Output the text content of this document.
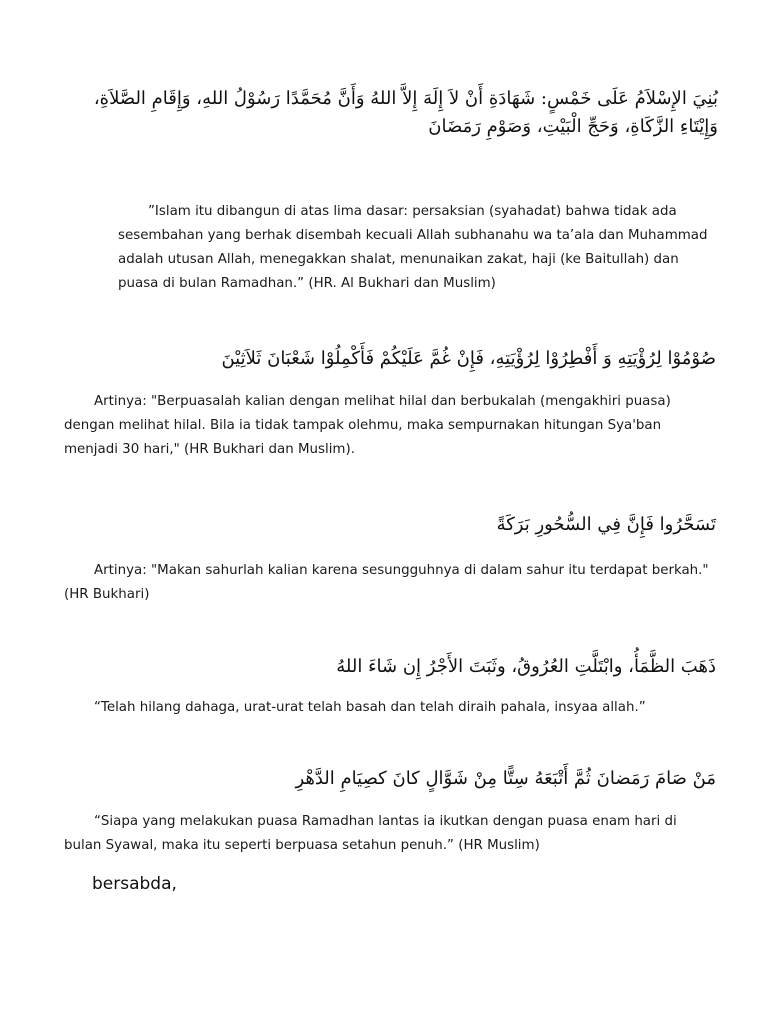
بُنِيَ الإِسْلاَمُ عَلَى خَمْسٍ: شَهَادَةِ أَنْ لاَ إِلَهَ إِلاَّ اللهُ وَأَنَّ مُحَمَّدًا رَسُوْلُ اللهِ، وَإِقَامِ الصَّلاَةِ،
وَإِيْتَاءِ الزَّكَاةِ، وَحَجِّ الْبَيْتِ، وَصَوْمِ رَمَضَانَ

”Islam itu dibangun di atas lima dasar: persaksian (syahadat) bahwa tidak ada sesembahan yang berhak disembah kecuali Allah subhanahu wa ta’ala dan Muhammad adalah utusan Allah, menegakkan shalat, menunaikan zakat, haji (ke Baitullah) dan puasa di bulan Ramadhan.” (HR. Al Bukhari dan Muslim)

صُوْمُوْا لِرُؤْيَتِهِ وَ أَفْطِرُوْا لِرُؤْيَتِهِ، فَإِنْ غُمَّ عَلَيْكُمْ فَأَكْمِلُوْا شَعْبَانَ ثَلاَثِيْنَ

Artinya: "Berpuasalah kalian dengan melihat hilal dan berbukalah (mengakhiri puasa) dengan melihat hilal. Bila ia tidak tampak olehmu, maka sempurnakan hitungan Sya'ban menjadi 30 hari," (HR Bukhari dan Muslim).

تَسَحَّرُوا فَإِنَّ فِي السُّحُورِ بَرَكَةً

Artinya: "Makan sahurlah kalian karena sesungguhnya di dalam sahur itu terdapat berkah." (HR Bukhari)

ذَهَبَ الظَّمَأُ، وابْتَلَّتِ العُرُوقُ، وثَبَتَ الأَجْرُ إِن شَاءَ اللهُ

“Telah hilang dahaga, urat-urat telah basah dan telah diraih pahala, insyaa allah.”

مَنْ صَامَ رَمَضانَ ثُمَّ أَتْبَعَهُ سِتًّا مِنْ شَوَّالٍ كانَ كصِيَامِ الدَّهْرِ

“Siapa yang melakukan puasa Ramadhan lantas ia ikutkan dengan puasa enam hari di bulan Syawal, maka itu seperti berpuasa setahun penuh.” (HR Muslim)

bersabda,
